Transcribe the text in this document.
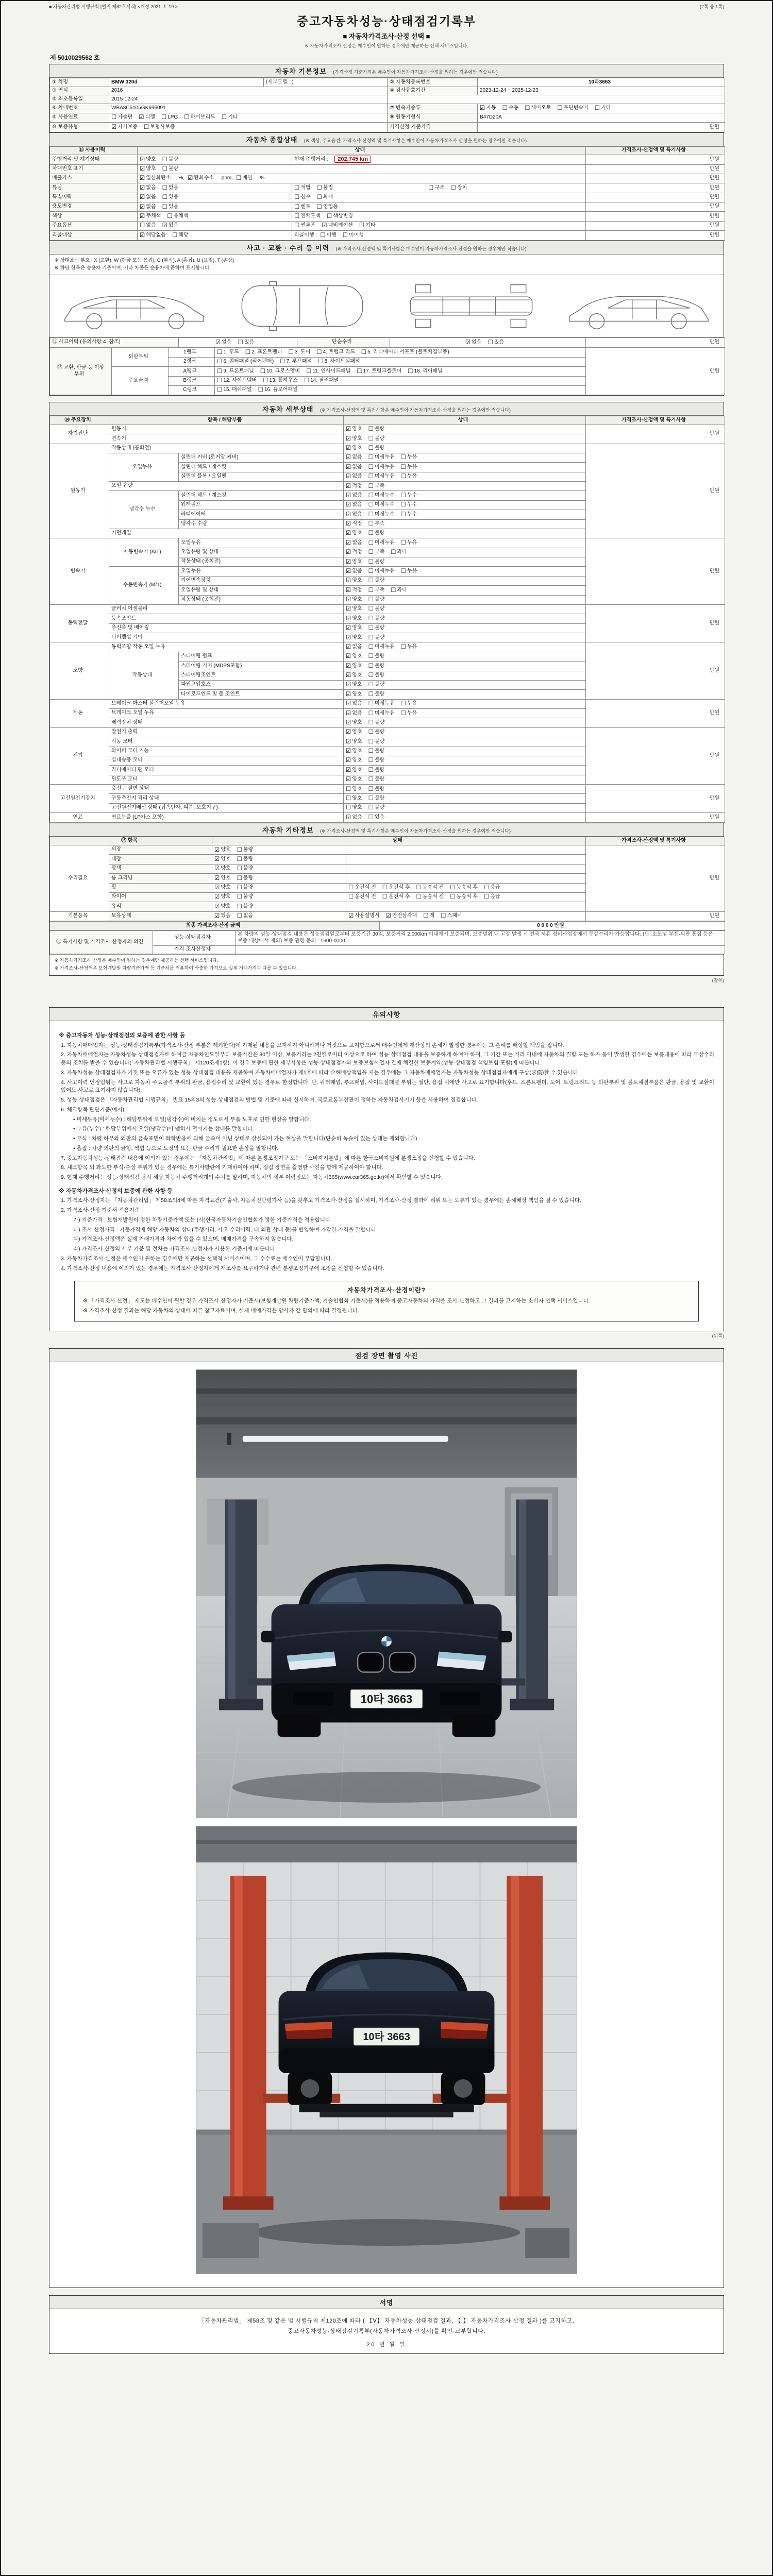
■ 자동차관리법 시행규칙 [별지 제82호서식] <개정 2021. 1. 19.>	(2쪽 중 1쪽)
중고자동차성능·상태점검기록부
■ 자동차가격조사·산정 선택 ■
※ 자동차가격조사·산정은 매수인이 원하는 경우에만 제공하는 선택 서비스입니다.
제 5010029562 호
자동차 기본정보 (가격산정 기준가격은 매수인이 자동차가격조사·산정을 원하는 경우에만 적습니다)
① 차명	BMW 320d	(세부모델 : )	② 자동차등록번호	10타3663
③ 연식	2016		④ 검사유효기간	2023-12-24 ~ 2025-12-23
⑤ 최초등록일	2015-12-24			
⑥ 차대번호	WBA8C5105GK696091		⑦ 변속기종류	☑ 자동 ☐ 수동 ☐ 세미오토 ☐ 무단변속기 ☐ 기타
⑧ 사용연료	☐ 가솔린 ☑ 디젤 ☐ LPG ☐ 하이브리드 ☐ 기타		⑨ 원동기형식	B47D20A
⑩ 보증유형	☑ 자가보증 ☐ 보험사보증		가격산정 기준가격	만원
자동차 종합상태 (※ 색상, 주요옵션, 가격조사·산정액 및 특기사항은 매수인이 자동차가격조사·산정을 원하는 경우에만 적습니다)
⑪ 사용이력	상태			가격조사·산정액 및 특기사항
주행거리 및 계기상태	☑ 양호 ☐ 불량	현재 주행거리 : 202,745 km		만원
차대번호 표기	☑ 양호 ☐ 불량			만원
배출가스	☑ 일산화탄소 %, ☑ 탄화수소 ppm, ☐ 매연 %			만원
튜닝	☑ 없음 ☐ 있음	☐ 적법 ☐ 불법	☐ 구조 ☐ 장치	만원
특별이력	☑ 없음 ☐ 있음	☐ 침수 ☐ 화재		만원
용도변경	☑ 없음 ☐ 있음	☐ 렌트 ☐ 영업용		만원
색상	☑ 무채색 ☐ 유채색	☐ 전체도색 ☐ 색상변경		만원
주요옵션	☐ 없음 ☑ 있음	☐ 썬루프 ☑ 네비게이션 ☐ 기타		만원
리콜대상	☑ 해당없음 ☐ 해당	리콜이행 : ☐ 이행 ☐ 미이행		만원
사고 · 교환 · 수리 등 이력 (※ 가격조사·산정액 및 특기사항은 매수인이 자동차가격조사·산정을 원하는 경우에만 적습니다)
※ 상태표시 부호 : X (교환), W (판금 또는 용접), C (부식), A (흠집), U (요철), T (손상)
※ 하단 항목은 승용차 기준이며, 기타 차종은 승용차에 준하여 표시합니다.
⑫ 사고이력 (유의사항 4. 참조)	☑ 없음 ☐ 있음	단순수리	☑ 없음 ☐ 있음	만원
⑬ 교환, 판금 등 이상 부위	외판부위	1랭크	☐ 1. 후드 ☐ 2. 프론트펜더 ☐ 3. 도어 ☐ 4. 트렁크 리드 ☐ 5. 라디에이터 서포트 (볼트체결부품)	만원
		2랭크	☐ 6. 쿼터패널 (리어펜더) ☐ 7. 루프패널 ☐ 8. 사이드실패널	
	주요골격	A랭크	☐ 9. 프론트패널 ☐ 10. 크로스멤버 ☐ 11. 인사이드패널 ☐ 17. 트렁크플로어 ☐ 18. 리어패널	
		B랭크	☐ 12. 사이드멤버 ☐ 13. 휠하우스 ☐ 14. 필러패널	
		C랭크	☐ 15. 대쉬패널 ☐ 16. 플로어패널	
자동차 세부상태 (※ 가격조사·산정액 및 특기사항은 매수인이 자동차가격조사·산정을 원하는 경우에만 적습니다)
⑭ 주요장치	항목 / 해당부품		상태	가격조사·산정액 및 특기사항
자기진단	원동기		☑ 양호 ☐ 불량	만원
	변속기		☑ 양호 ☐ 불량	
원동기	작동상태 (공회전)		☑ 양호 ☐ 불량	만원
	오일누유	실린더 커버 (로커암 커버)	☑ 없음 ☐ 미세누유 ☐ 누유	
		실린더 헤드 / 개스킷	☑ 없음 ☐ 미세누유 ☐ 누유	
		실린더 블록 / 오일팬	☑ 없음 ☐ 미세누유 ☐ 누유	
	오일 유량		☑ 적정 ☐ 부족	
	냉각수 누수	실린더 헤드 / 개스킷	☑ 없음 ☐ 미세누수 ☐ 누수	
		워터펌프	☑ 없음 ☐ 미세누수 ☐ 누수	
		라디에이터	☑ 없음 ☐ 미세누수 ☐ 누수	
		냉각수 수량	☑ 적정 ☐ 부족	
	커먼레일		☑ 양호 ☐ 불량	
변속기	자동변속기 (A/T)	오일누유	☑ 없음 ☐ 미세누유 ☐ 누유	만원
		오일유량 및 상태	☑ 적정 ☐ 부족 ☐ 과다	
		작동상태 (공회전)	☑ 양호 ☐ 불량	
	수동변속기 (M/T)	오일누유	☑ 없음 ☐ 미세누유 ☐ 누유	
		기어변속장치	☑ 양호 ☐ 불량	
		오일유량 및 상태	☑ 적정 ☐ 부족 ☐ 과다	
		작동상태 (공회전)	☑ 양호 ☐ 불량	
동력전달	클러치 어셈블리		☑ 양호 ☐ 불량	만원
	등속조인트		☑ 양호 ☐ 불량	
	추진축 및 베어링		☑ 양호 ☐ 불량	
	디퍼렌셜 기어		☑ 양호 ☐ 불량	
조향	동력조향 작동 오일 누유		☑ 없음 ☐ 미세누유 ☐ 누유	만원
	작동상태	스티어링 펌프	☑ 양호 ☐ 불량	
		스티어링 기어 (MDPS포함)	☑ 양호 ☐ 불량	
		스티어링조인트	☑ 양호 ☐ 불량	
		파워고압호스	☑ 양호 ☐ 불량	
		타이로드엔드 및 볼 조인트	☑ 양호 ☐ 불량	
제동	브레이크 마스터 실린더오일 누유		☑ 없음 ☐ 미세누유 ☐ 누유	만원
	브레이크 오일 누유		☑ 없음 ☐ 미세누유 ☐ 누유	
	배력장치 상태		☑ 양호 ☐ 불량	
전기	발전기 출력		☑ 양호 ☐ 불량	만원
	시동 모터		☑ 양호 ☐ 불량	
	와이퍼 모터 기능		☑ 양호 ☐ 불량	
	실내송풍 모터		☑ 양호 ☐ 불량	
	라디에이터 팬 모터		☑ 양호 ☐ 불량	
	윈도우 모터		☑ 양호 ☐ 불량	
고전원전기장치	충전구 절연 상태		☐ 양호 ☐ 불량	만원
	구동축전지 격리 상태		☐ 양호 ☐ 불량	
	고전원전기배선 상태 (접속단자, 피복, 보호기구)		☐ 양호 ☐ 불량	
연료	연료누출 (LP가스 포함)		☑ 없음 ☐ 있음	만원
자동차 기타정보 (※ 가격조사·산정액 및 특기사항은 매수인이 자동차가격조사·산정을 원하는 경우에만 적습니다)
⑮ 항목		상태		가격조사·산정액 및 특기사항
수리필요	외장	☑ 양호 ☐ 불량		만원
	내장	☑ 양호 ☐ 불량		
	광택	☑ 양호 ☐ 불량		
	룸 크리닝	☑ 양호 ☐ 불량		
	휠	☑ 양호 ☐ 불량	☐ 운전석 전 ☐ 운전석 후 ☐ 동승석 전 ☐ 동승석 후 ☐ 응급	
	타이어	☑ 양호 ☐ 불량	☐ 운전석 전 ☐ 운전석 후 ☐ 동승석 전 ☐ 동승석 후 ☐ 응급	
	유리	☑ 양호 ☐ 불량		
기본품목	보유상태	☑ 있음 ☐ 없음	☑ 사용설명서 ☑ 안전삼각대 ☐ 잭 ☐ 스패너	만원
최종 가격조사·산정 금액	0 0 0 0 만원
⑯ 특기사항 및 가격조사·산정자의 의견	성능·상태점검자	본 차량의 성능·상태점검 내용은 성능점검일로부터 보증기간 30일, 보증거리 2,000km 이내에서 보증되며, 보증범위 내 고장 발생 시 전국 제휴 정비사업장에서 무상수리가 가능합니다. (단, 소모성 부품·외관 흠집 등은 보증 대상에서 제외) 보증 관련 문의 : 1600-0000
	가격·조사산정자	
※ 자동차가격조사·산정은 매수인이 원하는 경우에만 제공하는 선택 서비스입니다.
※ 가격조사·산정액은 보험개발원 차량기준가액 등 기준서를 적용하여 산출한 가격으로 실제 거래가격과 다를 수 있습니다.
(앞쪽)
유의사항
※ 중고자동차 성능·상태점검의 보증에 관한 사항 등
1. 자동차매매업자는 성능·상태점검기록부(가격조사·산정 부분은 제외한다)에 기재된 내용을 고지하지 아니하거나 거짓으로 고지함으로써 매수인에게 재산상의 손해가 발생한 경우에는 그 손해를 배상할 책임을 집니다.
2. 자동차매매업자는 자동차성능·상태점검자로 하여금 자동차인도일부터 보증기간은 30일 이상, 보증거리는 2천킬로미터 이상으로 하여 성능·상태점검 내용을 보증하게 하여야 하며, 그 기간 또는 거리 이내에 자동차의 결함 또는 하자 등이 발생한 경우에는 보증내용에 따라 무상수리 등의 조치를 받을 수 있습니다(「자동차관리법 시행규칙」 제120조제1항). 이 경우 보증에 관한 세부사항은 성능·상태점검자와 보증보험사업자 간에 체결한 보증계약(성능·상태점검 책임보험 포함)에 따릅니다.
3. 자동차성능·상태점검자가 거짓 또는 오류가 있는 성능·상태점검 내용을 제공하여 자동차매매업자가 제1호에 따라 손해배상책임을 지는 경우에는 그 자동차매매업자는 자동차성능·상태점검자에게 구상(求償)할 수 있습니다.
4. 사고이력 인정범위는 사고로 자동차 주요골격 부위의 판금, 용접수리 및 교환이 있는 경우로 한정합니다. 단, 쿼터패널, 루프패널, 사이드실패널 부위는 절단, 용접 시에만 사고로 표기합니다(후드, 프론트펜더, 도어, 트렁크리드 등 외판부위 및 볼트체결부품은 판금, 용접 및 교환이 있어도 사고로 표기하지 않습니다).
5. 성능·상태점검은 「자동차관리법 시행규칙」 별표 15의3의 성능·상태점검의 방법 및 기준에 따라 실시하며, 국토교통부장관이 정하는 자동차검사기기 등을 사용하여 점검합니다.
6. 체크항목 판단기준(예시)
• 미세누유(미세누수) : 해당부위에 오일(냉각수)이 비치는 정도로서 부품 노후로 인한 현상을 말합니다.
• 누유(누수) : 해당부위에서 오일(냉각수)이 맺혀서 떨어지는 상태를 말합니다.
• 부식 : 차량 하부와 외판의 금속표면이 화학반응에 의해 금속이 아닌 상태로 상실되어 가는 현상을 말합니다(단순히 녹슬어 있는 상태는 제외합니다).
• 흠집 : 차량 외판의 긁힘, 찍힘 등으로 도장막 또는 판금 수리가 필요한 손상을 말합니다.
7. 중고자동차성능·상태점검 내용에 이의가 있는 경우에는 「자동차관리법」에 따른 분쟁조정기구 또는 「소비자기본법」에 따른 한국소비자원에 분쟁조정을 신청할 수 있습니다.
8. 체크항목 외 과도한 부식·손상 부위가 있는 경우에는 특기사항란에 기재하여야 하며, 점검 장면을 촬영한 사진을 함께 제공하여야 합니다.
9. 현재 주행거리는 성능·상태점검 당시 해당 자동차 주행거리계의 수치를 말하며, 자동차의 세부 이력정보는 자동차365(www.car365.go.kr)에서 확인할 수 있습니다.
※ 자동차가격조사·산정의 보증에 관한 사항 등
1. 가격조사·산정자는 「자동차관리법」 제58조의4에 따른 자격요건(기술사, 자동차진단평가사 등)을 갖추고 가격조사·산정을 실시하며, 가격조사·산정 결과에 허위 또는 오류가 있는 경우에는 손해배상 책임을 질 수 있습니다.
2. 가격조사·산정 기준서 적용기준
가) 기준가격 : 보험개발원이 정한 차량기준가액 또는 (사)한국자동차기술인협회가 정한 기준가격을 적용합니다.
나) 조사·산정가격 : 기준가격에 해당 자동차의 상태(주행거리, 사고·수리이력, 내·외관 상태 등)를 반영하여 가감한 가격을 말합니다.
다) 가격조사·산정액은 실제 거래가격과 차이가 있을 수 있으며, 매매가격을 구속하지 않습니다.
라) 가격조사·산정의 세부 기준 및 절차는 가격조사·산정자가 사용한 기준서에 따릅니다.
3. 자동차가격조사·산정은 매수인이 원하는 경우에만 제공하는 선택적 서비스이며, 그 수수료는 매수인이 부담합니다.
4. 가격조사·산정 내용에 이의가 있는 경우에는 가격조사·산정자에게 재조사를 요구하거나 관련 분쟁조정기구에 조정을 신청할 수 있습니다.
자동차가격조사·산정이란?
※ 「가격조사·산정」 제도는 매수인이 원할 경우 가격조사·산정자가 기준서(보험개발원 차량기준가액, 기술인협회 기준서)를 적용하여 중고자동차의 가격을 조사·산정하고 그 결과를 고지하는 소비자 선택 서비스입니다.
※ 가격조사·산정 결과는 해당 자동차의 상태에 따른 참고자료이며, 실제 매매가격은 당사자 간 합의에 따라 결정됩니다.
(뒤쪽)
점검 장면 촬영 사진
10타 3663
10타 3663
서명
「자동차관리법」 제58조 및 같은 법 시행규칙 제120조에 따라 ( 【Ⅴ】 자동차성능·상태점검 결과, 【 】 자동차가격조사·산정 결과 )를 고지하고,
중고자동차성능·상태점검기록부(자동차가격조사·산정서)를 확인·교부합니다.
20 년 월 일
